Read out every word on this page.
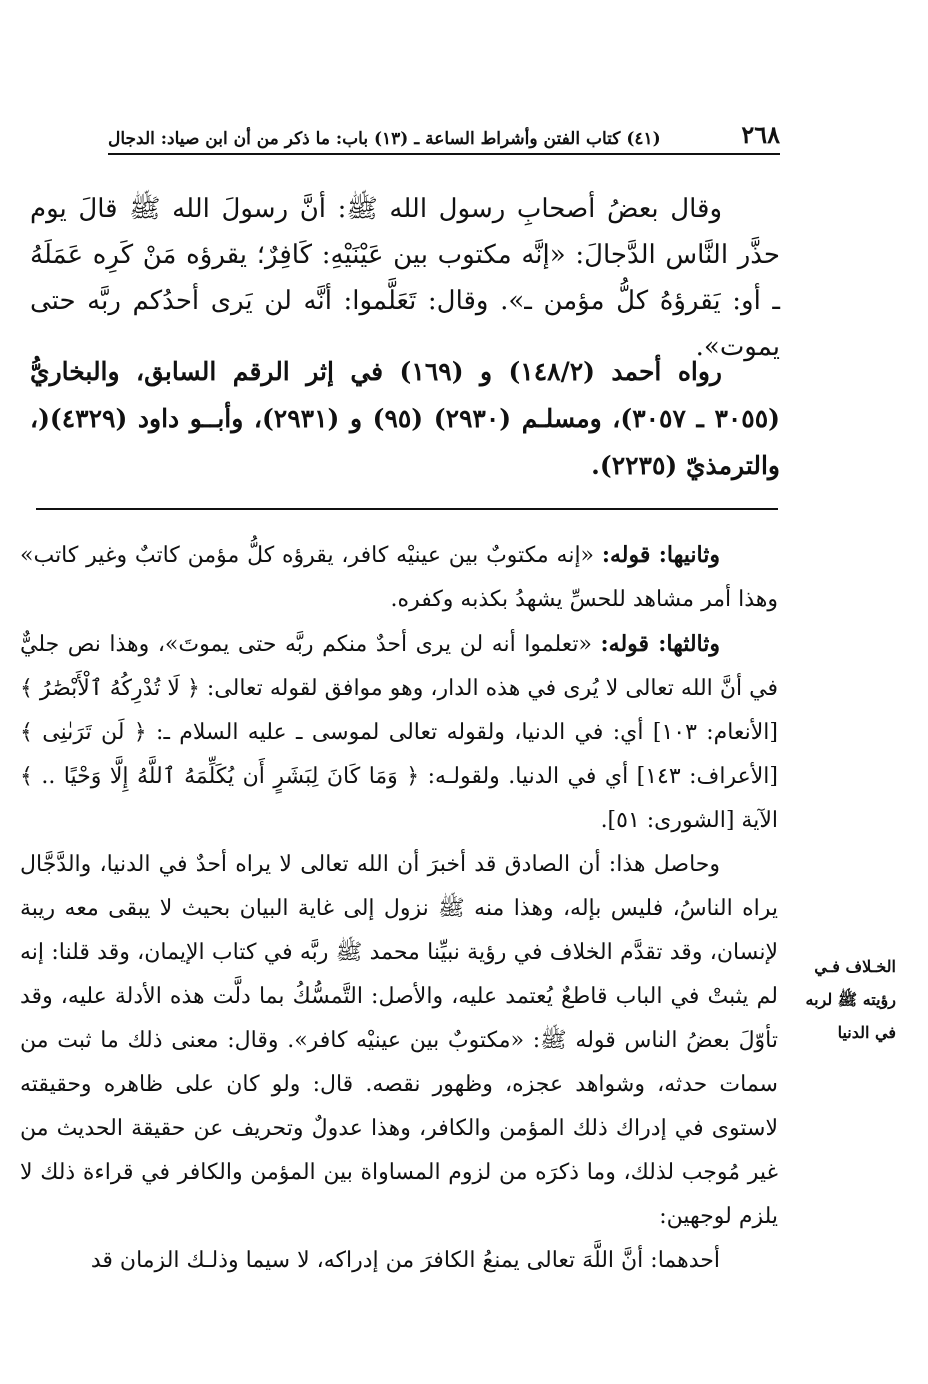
٢٦٨
(٤١) كتاب الفتن وأشراط الساعة ـ (١٣) باب: ما ذكر من أن ابن صياد: الدجال

وقال بعضُ أصحابِ رسول الله ﷺ: أنَّ رسولَ الله ﷺ قالَ يوم حذَّر النَّاس الدَّجالَ: «إنَّه مكتوب بين عَيْنَيْهِ: كَافِرٌ؛ يقرؤه مَنْ كَرِه عَمَلَهُ ـ أو: يَقرؤهُ كلُّ مؤمن ـ». وقال: تَعَلَّموا: أنَّه لن يَرى أحدُكم ربَّه حتى يموت».

رواه أحمد (١٤٨/٢) و (١٦٩) في إثر الرقم السابق، والبخاريُّ (٣٠٥٥ ـ ٣٠٥٧)، ومسلـم (٢٩٣٠) (٩٥) و (٢٩٣١)، وأبــو داود (٤٣٢٩)(، والترمذيّ (٢٢٣٥).

وثانيها: قوله: «إنه مكتوبٌ بين عينيْه كافر، يقرؤه كلُّ مؤمن كاتبٌ وغير كاتب» وهذا أمر مشاهد للحسِّ يشهدُ بكذبه وكفره.

وثالثها: قوله: «تعلموا أنه لن يرى أحدٌ منكم ربَّه حتى يموتَ»، وهذا نص جليٌّ في أنَّ الله تعالى لا يُرى في هذه الدار، وهو موافق لقوله تعالى: ﴿ لَا تُدْرِكُهُ ٱلْأَبْصَٰرُ ﴾ [الأنعام: ١٠٣] أي: في الدنيا، ولقوله تعالى لموسى ـ عليه السلام ـ: ﴿ لَن تَرَىٰنِى ﴾ [الأعراف: ١٤٣] أي في الدنيا. ولقولـه: ﴿ وَمَا كَانَ لِبَشَرٍ أَن يُكَلِّمَهُ ٱللَّهُ إِلَّا وَحْيًا .. ﴾ الآية [الشورى: ٥١].

وحاصل هذا: أن الصادق قد أخبرَ أن الله تعالى لا يراه أحدٌ في الدنيا، والدَّجَّال يراه الناسُ، فليس بإله، وهذا منه ﷺ نزول إلى غاية البيان بحيث لا يبقى معه ريبة لإنسان، وقد تقدَّم الخلاف في رؤية نبيِّنا محمد ﷺ ربَّه في كتاب الإيمان، وقد قلنا: إنه لم يثبتْ في الباب قاطعٌ يُعتمد عليه، والأصل: التَّمسُّكُ بما دلَّت هذه الأدلة عليه، وقد تأوّلَ بعضُ الناس قوله ﷺ: «مكتوبٌ بين عينيْه كافر». وقال: معنى ذلك ما ثبت من سمات حدثه، وشواهد عجزه، وظهور نقصه. قال: ولو كان على ظاهره وحقيقته لاستوى في إدراك ذلك المؤمن والكافر، وهذا عدولٌ وتحريف عن حقيقة الحديث من غير مُوجب لذلك، وما ذكرَه من لزوم المساواة بين المؤمن والكافر في قراءة ذلك لا يلزم لوجهين:

أحدهما: أنَّ اللَّهَ تعالى يمنعُ الكافرَ من إدراكه، لا سيما وذلـك الزمان قد

الخـلاف فـي
رؤيته ﷺ لربه
في الدنيا
